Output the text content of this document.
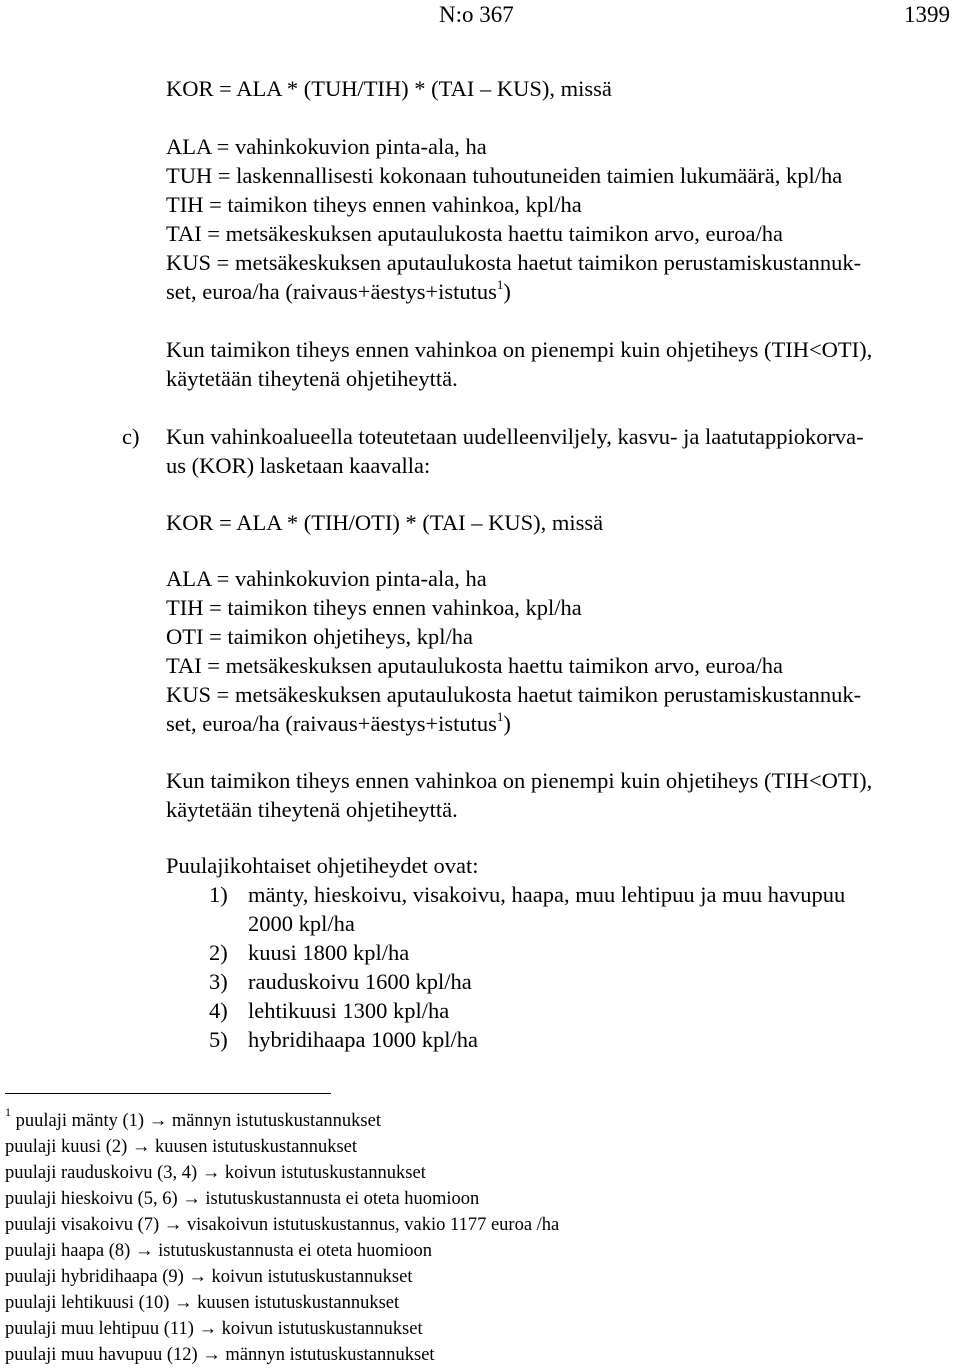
N:o 367	1399
KOR = ALA * (TUH/TIH) * (TAI – KUS), missä
ALA = vahinkokuvion pinta-ala, ha
TUH = laskennallisesti kokonaan tuhoutuneiden taimien lukumäärä, kpl/ha
TIH = taimikon tiheys ennen vahinkoa, kpl/ha
TAI = metsäkeskuksen aputaulukosta haettu taimikon arvo, euroa/ha
KUS = metsäkeskuksen aputaulukosta haetut taimikon perustamiskustannuk-
set, euroa/ha (raivaus+äestys+istutus$^1$)
Kun taimikon tiheys ennen vahinkoa on pienempi kuin ohjetiheys (TIH<OTI),
käytetään tiheytenä ohjetiheyttä.
c) Kun vahinkoalueella toteutetaan uudelleenviljely, kasvu- ja laatutappiokorva-
us (KOR) lasketaan kaavalla:
KOR = ALA * (TIH/OTI) * (TAI – KUS), missä
ALA = vahinkokuvion pinta-ala, ha
TIH = taimikon tiheys ennen vahinkoa, kpl/ha
OTI = taimikon ohjetiheys, kpl/ha
TAI = metsäkeskuksen aputaulukosta haettu taimikon arvo, euroa/ha
KUS = metsäkeskuksen aputaulukosta haetut taimikon perustamiskustannuk-
set, euroa/ha (raivaus+äestys+istutus$^1$)
Kun taimikon tiheys ennen vahinkoa on pienempi kuin ohjetiheys (TIH<OTI),
käytetään tiheytenä ohjetiheyttä.
Puulajikohtaiset ohjetiheydet ovat:
1) mänty, hieskoivu, visakoivu, haapa, muu lehtipuu ja muu havupuu
2000 kpl/ha
2) kuusi 1800 kpl/ha
3) rauduskoivu 1600 kpl/ha
4) lehtikuusi 1300 kpl/ha
5) hybridihaapa 1000 kpl/ha
$^1$ puulaji mänty (1) → männyn istutuskustannukset
puulaji kuusi (2) → kuusen istutuskustannukset
puulaji rauduskoivu (3, 4) → koivun istutuskustannukset
puulaji hieskoivu (5, 6) → istutuskustannusta ei oteta huomioon
puulaji visakoivu (7) → visakoivun istutuskustannus, vakio 1177 euroa /ha
puulaji haapa (8) → istutuskustannusta ei oteta huomioon
puulaji hybridihaapa (9) → koivun istutuskustannukset
puulaji lehtikuusi (10) → kuusen istutuskustannukset
puulaji muu lehtipuu (11) → koivun istutuskustannukset
puulaji muu havupuu (12) → männyn istutuskustannukset
